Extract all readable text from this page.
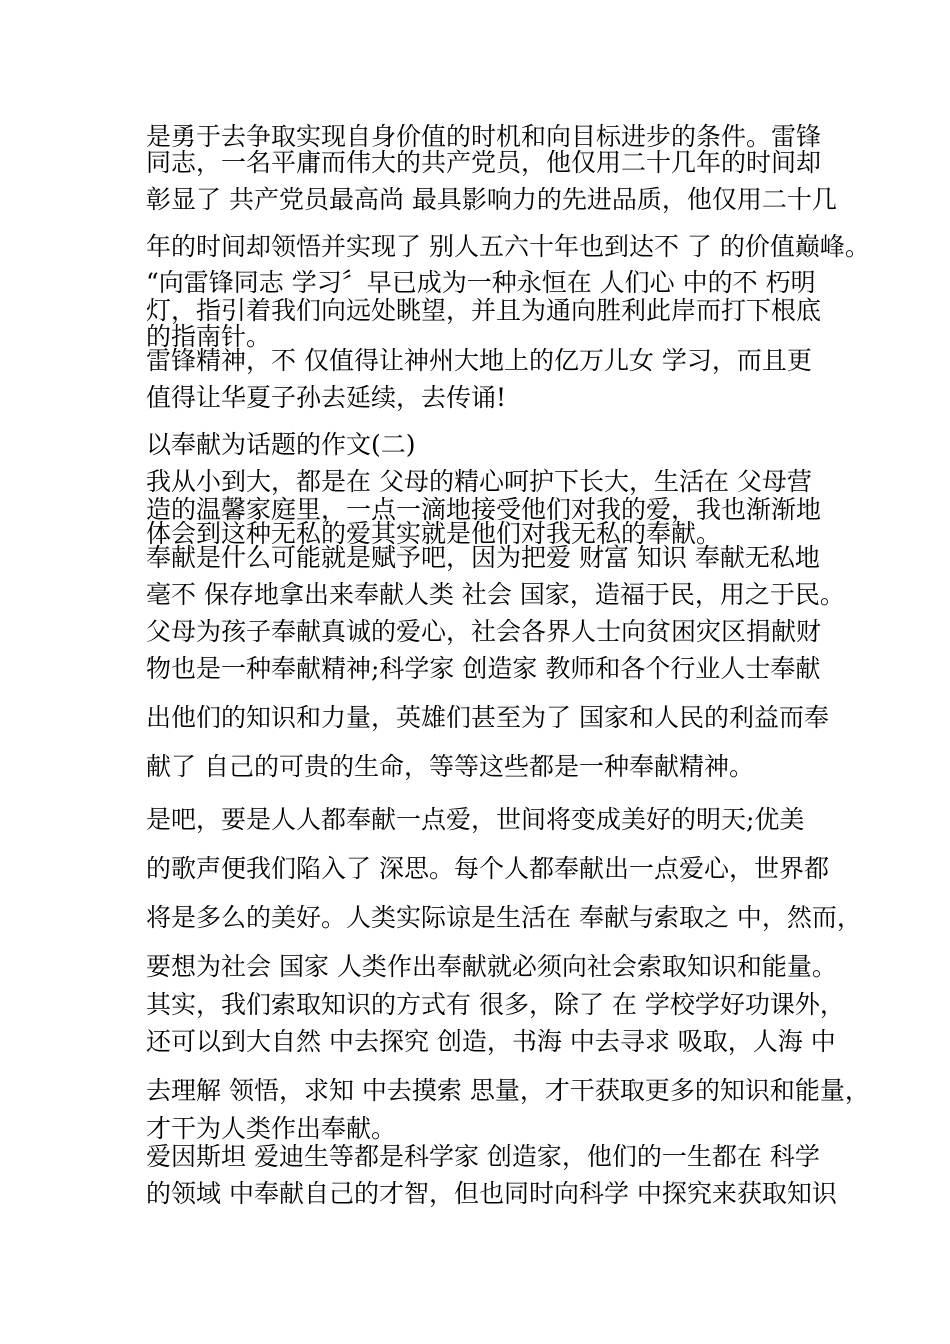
是勇于去争取实现自身价值的时机和向目标进步的条件。雷锋
同志，一名平庸而伟大的共产党员，他仅用二十几年的时间却
彰显了 共产党员最高尚 最具影响力的先进品质，他仅用二十几
年的时间却领悟并实现了 别人五六十年也到达不 了 的价值巅峰。
“向雷锋同志 学习〞早已成为一种永恒在 人们心 中的不 朽明
灯，指引着我们向远处眺望，并且为通向胜利此岸而打下根底
的指南针。
雷锋精神，不 仅值得让神州大地上的亿万儿女 学习，而且更
值得让华夏子孙去延续，去传诵!
以奉献为话题的作文(二)
我从小到大，都是在 父母的精心呵护下长大，生活在 父母营
造的温馨家庭里，一点一滴地接受他们对我的爱，我也渐渐地
体会到这种无私的爱其实就是他们对我无私的奉献。
奉献是什么可能就是赋予吧，因为把爱 财富 知识 奉献无私地
毫不 保存地拿出来奉献人类 社会 国家，造福于民，用之于民。
父母为孩子奉献真诚的爱心，社会各界人士向贫困灾区捐献财
物也是一种奉献精神;科学家 创造家 教师和各个行业人士奉献
出他们的知识和力量，英雄们甚至为了 国家和人民的利益而奉
献了 自己的可贵的生命，等等这些都是一种奉献精神。
是吧，要是人人都奉献一点爱，世间将变成美好的明天;优美
的歌声便我们陷入了 深思。每个人都奉献出一点爱心，世界都
将是多么的美好。人类实际谅是生活在 奉献与索取之 中，然而，
要想为社会 国家 人类作出奉献就必须向社会索取知识和能量。
其实，我们索取知识的方式有 很多，除了 在 学校学好功课外，
还可以到大自然 中去探究 创造，书海 中去寻求 吸取，人海 中
去理解 领悟，求知 中去摸索 思量，才干获取更多的知识和能量，
才干为人类作出奉献。
爱因斯坦 爱迪生等都是科学家 创造家，他们的一生都在 科学
的领域 中奉献自己的才智，但也同时向科学 中探究来获取知识
